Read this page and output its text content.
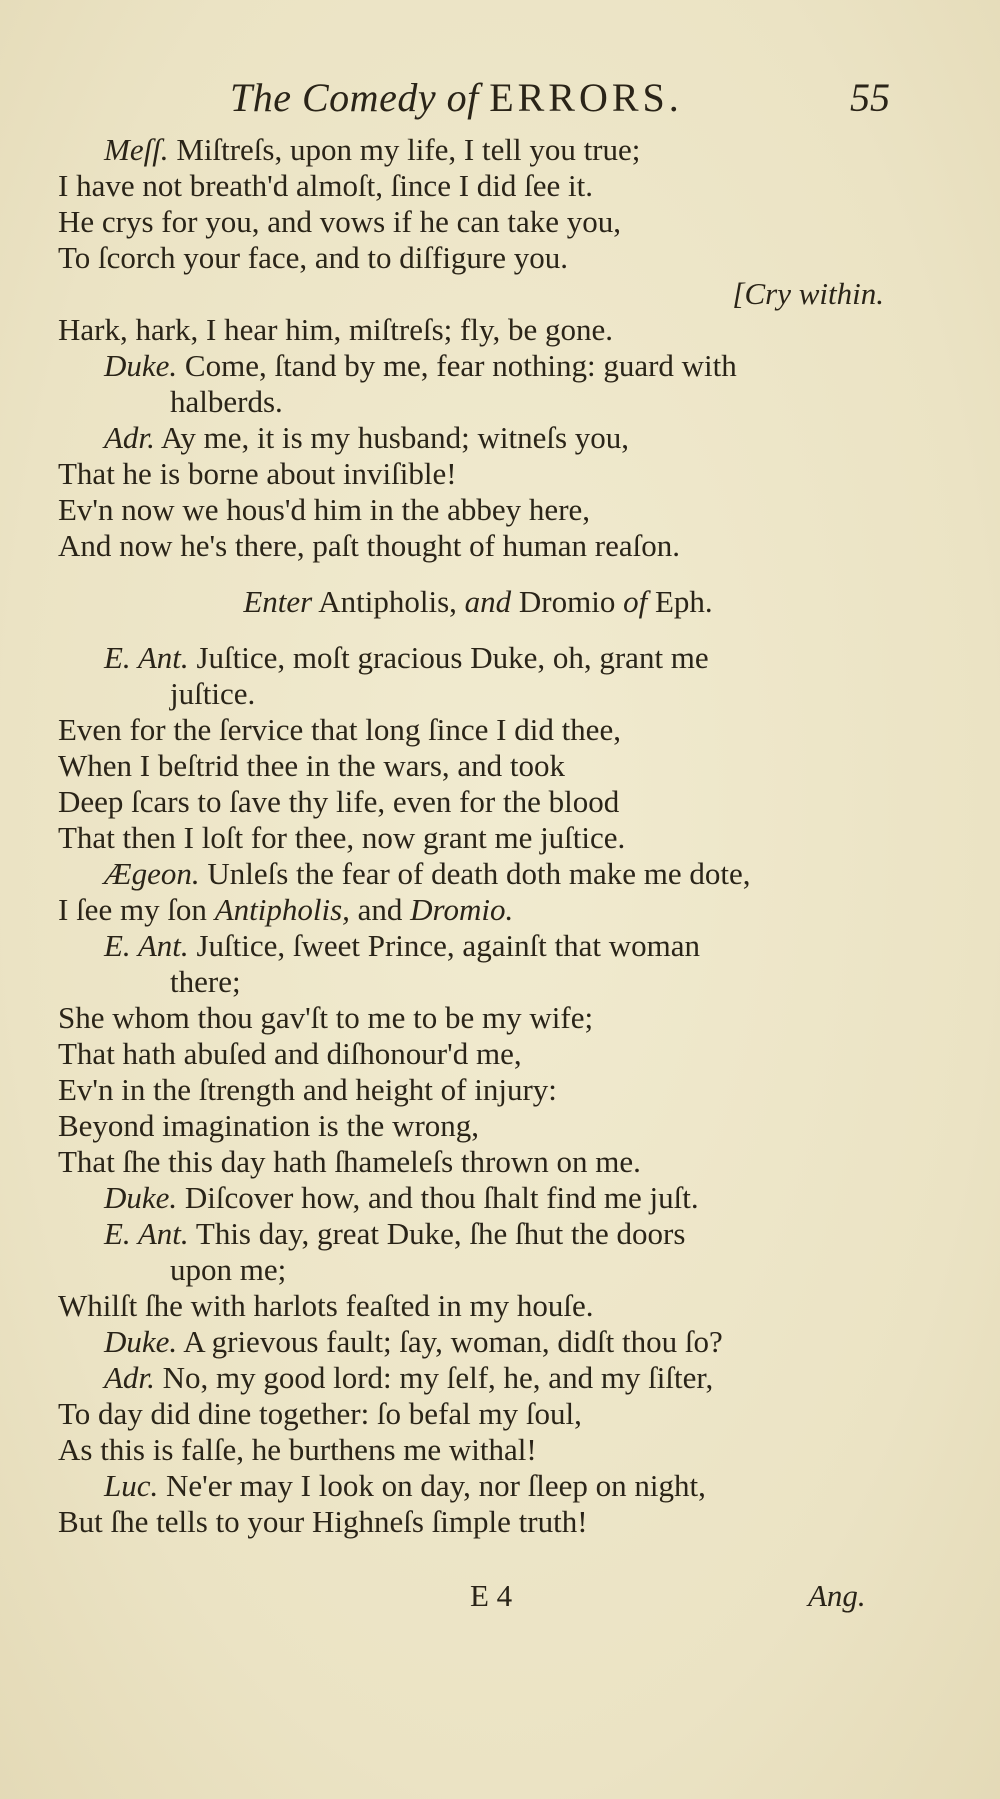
The Comedy of ERRORS.	55
Meſſ. Miſtreſs, upon my life, I tell you true;
I have not breath'd almoſt, ſince I did ſee it.
He crys for you, and vows if he can take you,
To ſcorch your face, and to diſfigure you.
[Cry within.
Hark, hark, I hear him, miſtreſs; fly, be gone.
Duke. Come, ſtand by me, fear nothing: guard with
halberds.
Adr. Ay me, it is my husband; witneſs you,
That he is borne about inviſible!
Ev'n now we hous'd him in the abbey here,
And now he's there, paſt thought of human reaſon.
Enter Antipholis, and Dromio of Eph.
E. Ant. Juſtice, moſt gracious Duke, oh, grant me
juſtice.
Even for the ſervice that long ſince I did thee,
When I beſtrid thee in the wars, and took
Deep ſcars to ſave thy life, even for the blood
That then I loſt for thee, now grant me juſtice.
Ægeon. Unleſs the fear of death doth make me dote,
I ſee my ſon Antipholis, and Dromio.
E. Ant. Juſtice, ſweet Prince, againſt that woman
there;
She whom thou gav'ſt to me to be my wife;
That hath abuſed and diſhonour'd me,
Ev'n in the ſtrength and height of injury:
Beyond imagination is the wrong,
That ſhe this day hath ſhameleſs thrown on me.
Duke. Diſcover how, and thou ſhalt find me juſt.
E. Ant. This day, great Duke, ſhe ſhut the doors
upon me;
Whilſt ſhe with harlots feaſted in my houſe.
Duke. A grievous fault; ſay, woman, didſt thou ſo?
Adr. No, my good lord: my ſelf, he, and my ſiſter,
To day did dine together: ſo befal my ſoul,
As this is falſe, he burthens me withal!
Luc. Ne'er may I look on day, nor ſleep on night,
But ſhe tells to your Highneſs ſimple truth!
E 4	Ang.
